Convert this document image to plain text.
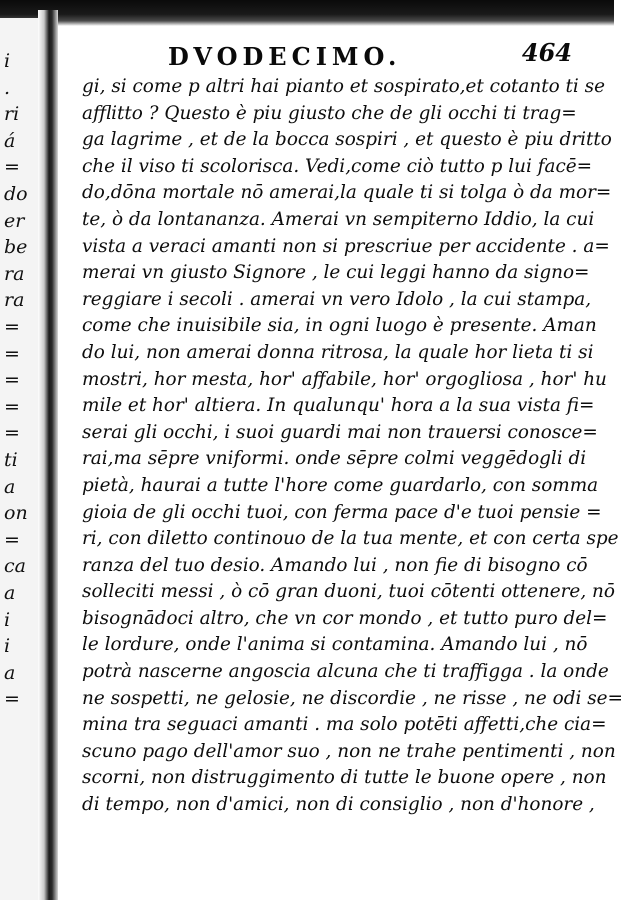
i
.
ri
á
=
do
er
be
ra
ra
=
=
=
=
=
ti
a
on
=
ca
a
i
i
a
=
DVODECIMO.	464
gi, si come p altri hai pianto et sospirato,et cotanto ti se
afflitto ? Questo è piu giusto che de gli occhi ti trag=
ga lagrime , et de la bocca sospiri , et questo è piu dritto
che il viso ti scolorisca. Vedi,come ciò tutto p lui facē=
do,dōna mortale nō amerai,la quale ti si tolga ò da mor=
te, ò da lontananza. Amerai vn sempiterno Iddio, la cui
vista a veraci amanti non si prescriue per accidente . a=
merai vn giusto Signore , le cui leggi hanno da signo=
reggiare i secoli . amerai vn vero Idolo , la cui stampa,
come che inuisibile sia, in ogni luogo è presente. Aman
do lui, non amerai donna ritrosa, la quale hor lieta ti si
mostri, hor mesta, hor' affabile, hor' orgogliosa , hor' hu
mile et hor' altiera. In qualunqu' hora a la sua vista fi=
serai gli occhi, i suoi guardi mai non trauersi conosce=
rai,ma sēpre vniformi. onde sēpre colmi veggēdogli di
pietà, haurai a tutte l'hore come guardarlo, con somma
gioia de gli occhi tuoi, con ferma pace d'e tuoi pensie =
ri, con diletto continouo de la tua mente, et con certa spe
ranza del tuo desio. Amando lui , non fie di bisogno cō
solleciti messi , ò cō gran duoni, tuoi cōtenti ottenere, nō
bisognādoci altro, che vn cor mondo , et tutto puro del=
le lordure, onde l'anima si contamina. Amando lui , nō
potrà nascerne angoscia alcuna che ti traffigga . la onde
ne sospetti, ne gelosie, ne discordie , ne risse , ne odi se=
mina tra seguaci amanti . ma solo potēti affetti,che cia=
scuno pago dell'amor suo , non ne trahe pentimenti , non
scorni, non distruggimento di tutte le buone opere , non
di tempo, non d'amici, non di consiglio , non d'honore ,
